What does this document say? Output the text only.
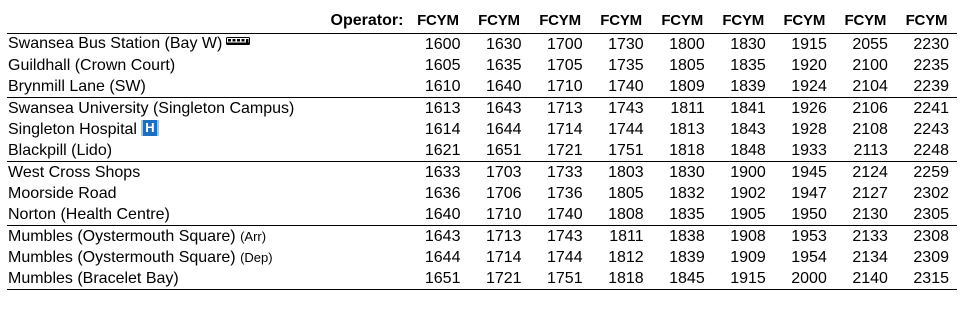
Operator:	FCYM	FCYM	FCYM	FCYM	FCYM	FCYM	FCYM	FCYM	FCYM
Swansea Bus Station (Bay W)	1600	1630	1700	1730	1800	1830	1915	2055	2230
Guildhall (Crown Court)	1605	1635	1705	1735	1805	1835	1920	2100	2235
Brynmill Lane (SW)	1610	1640	1710	1740	1809	1839	1924	2104	2239
Swansea University (Singleton Campus)	1613	1643	1713	1743	1811	1841	1926	2106	2241
Singleton Hospital H	1614	1644	1714	1744	1813	1843	1928	2108	2243
Blackpill (Lido)	1621	1651	1721	1751	1818	1848	1933	2113	2248
West Cross Shops	1633	1703	1733	1803	1830	1900	1945	2124	2259
Moorside Road	1636	1706	1736	1805	1832	1902	1947	2127	2302
Norton (Health Centre)	1640	1710	1740	1808	1835	1905	1950	2130	2305
Mumbles (Oystermouth Square) (Arr)	1643	1713	1743	1811	1838	1908	1953	2133	2308
Mumbles (Oystermouth Square) (Dep)	1644	1714	1744	1812	1839	1909	1954	2134	2309
Mumbles (Bracelet Bay)	1651	1721	1751	1818	1845	1915	2000	2140	2315
